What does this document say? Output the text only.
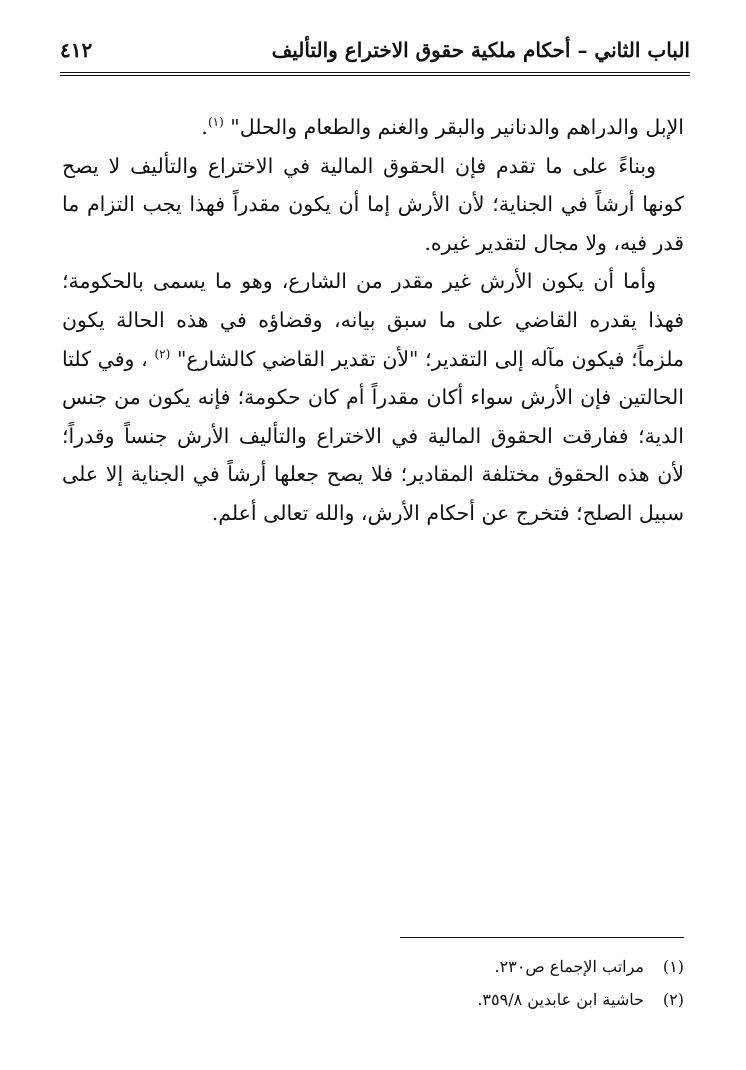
الباب الثاني – أحكام ملكية حقوق الاختراع والتأليف
٤١٢

الإبل والدراهم والدنانير والبقر والغنم والطعام والحلل" $^{(١)}$.

وبناءً على ما تقدم فإن الحقوق المالية في الاختراع والتأليف لا يصح كونها أرشاً في الجناية؛ لأن الأرش إما أن يكون مقدراً فهذا يجب التزام ما قدر فيه، ولا مجال لتقدير غيره.

وأما أن يكون الأرش غير مقدر من الشارع، وهو ما يسمى بالحكومة؛ فهذا يقدره القاضي على ما سبق بيانه، وقضاؤه في هذه الحالة يكون ملزماً؛ فيكون مآله إلى التقدير؛ "لأن تقدير القاضي كالشارع" $^{(٢)}$ ، وفي كلتا الحالتين فإن الأرش سواء أكان مقدراً أم كان حكومة؛ فإنه يكون من جنس الدية؛ ففارقت الحقوق المالية في الاختراع والتأليف الأرش جنساً وقدراً؛ لأن هذه الحقوق مختلفة المقادير؛ فلا يصح جعلها أرشاً في الجناية إلا على سبيل الصلح؛ فتخرج عن أحكام الأرش، والله تعالى أعلم.

(١)مراتب الإجماع ص٢٣٠.
(٢)حاشية ابن عابدين ٣٥٩/٨.
